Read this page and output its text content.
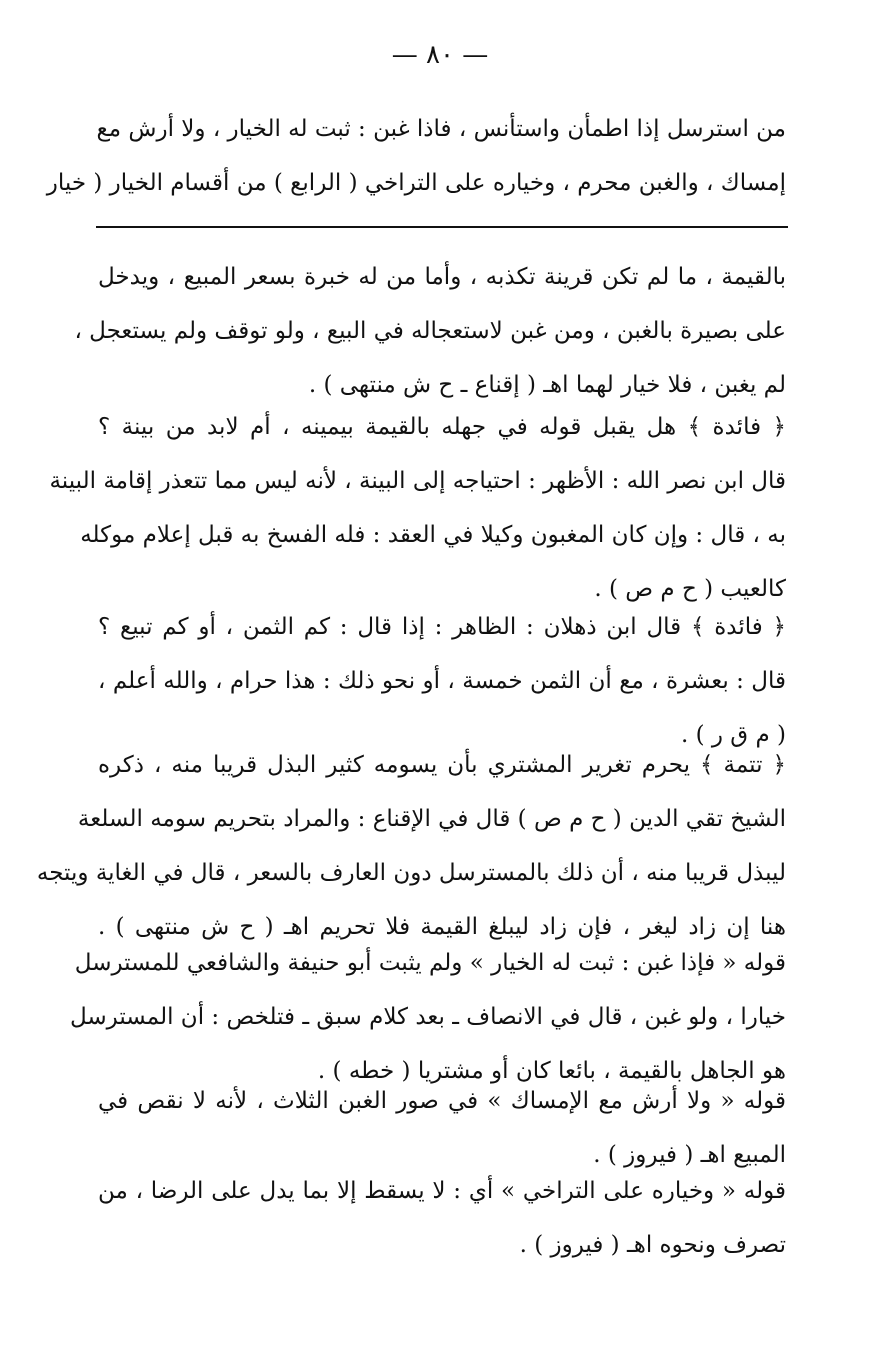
— ٨٠ —
من استرسل إذا اطمأن واستأنس ، فاذا غبن : ثبت له الخيار ، ولا أرش مع
إمساك ، والغبن محرم ، وخياره على التراخي ( الرابع ) من أقسام الخيار ( خيار
بالقيمة ، ما لم تكن قرينة تكذبه ، وأما من له خبرة بسعر المبيع ، ويدخل
على بصيرة بالغبن ، ومن غبن لاستعجاله في البيع ، ولو توقف ولم يستعجل ،
لم يغبن ، فلا خيار لهما اهـ ( إقناع ـ ح ش منتهى ) .
﴿ فائدة ﴾ هل يقبل قوله في جهله بالقيمة بيمينه ، أم لابد من بينة ؟
قال ابن نصر الله : الأظهر : احتياجه إلى البينة ، لأنه ليس مما تتعذر إقامة البينة
به ، قال : وإن كان المغبون وكيلا في العقد : فله الفسخ به قبل إعلام موكله
كالعيب ( ح م ص ) .
﴿ فائدة ﴾ قال ابن ذهلان : الظاهر : إذا قال : كم الثمن ، أو كم تبيع ؟
قال : بعشرة ، مع أن الثمن خمسة ، أو نحو ذلك : هذا حرام ، والله أعلم ،
( م ق ر ) .
﴿ تتمة ﴾ يحرم تغرير المشتري بأن يسومه كثير البذل قريبا منه ، ذكره
الشيخ تقي الدين ( ح م ص ) قال في الإقناع : والمراد بتحريم سومه السلعة
ليبذل قريبا منه ، أن ذلك بالمسترسل دون العارف بالسعر ، قال في الغاية ويتجه
هنا إن زاد ليغر ، فإن زاد ليبلغ القيمة فلا تحريم اهـ ( ح ش منتهى ) .
قوله « فإذا غبن : ثبت له الخيار » ولم يثبت أبو حنيفة والشافعي للمسترسل
خيارا ، ولو غبن ، قال في الانصاف ـ بعد كلام سبق ـ فتلخص : أن المسترسل
هو الجاهل بالقيمة ، بائعا كان أو مشتريا ( خطه ) .
قوله « ولا أرش مع الإمساك » في صور الغبن الثلاث ، لأنه لا نقص في
المبيع اهـ ( فيروز ) .
قوله « وخياره على التراخي » أي : لا يسقط إلا بما يدل على الرضا ، من
تصرف ونحوه اهـ ( فيروز ) .
